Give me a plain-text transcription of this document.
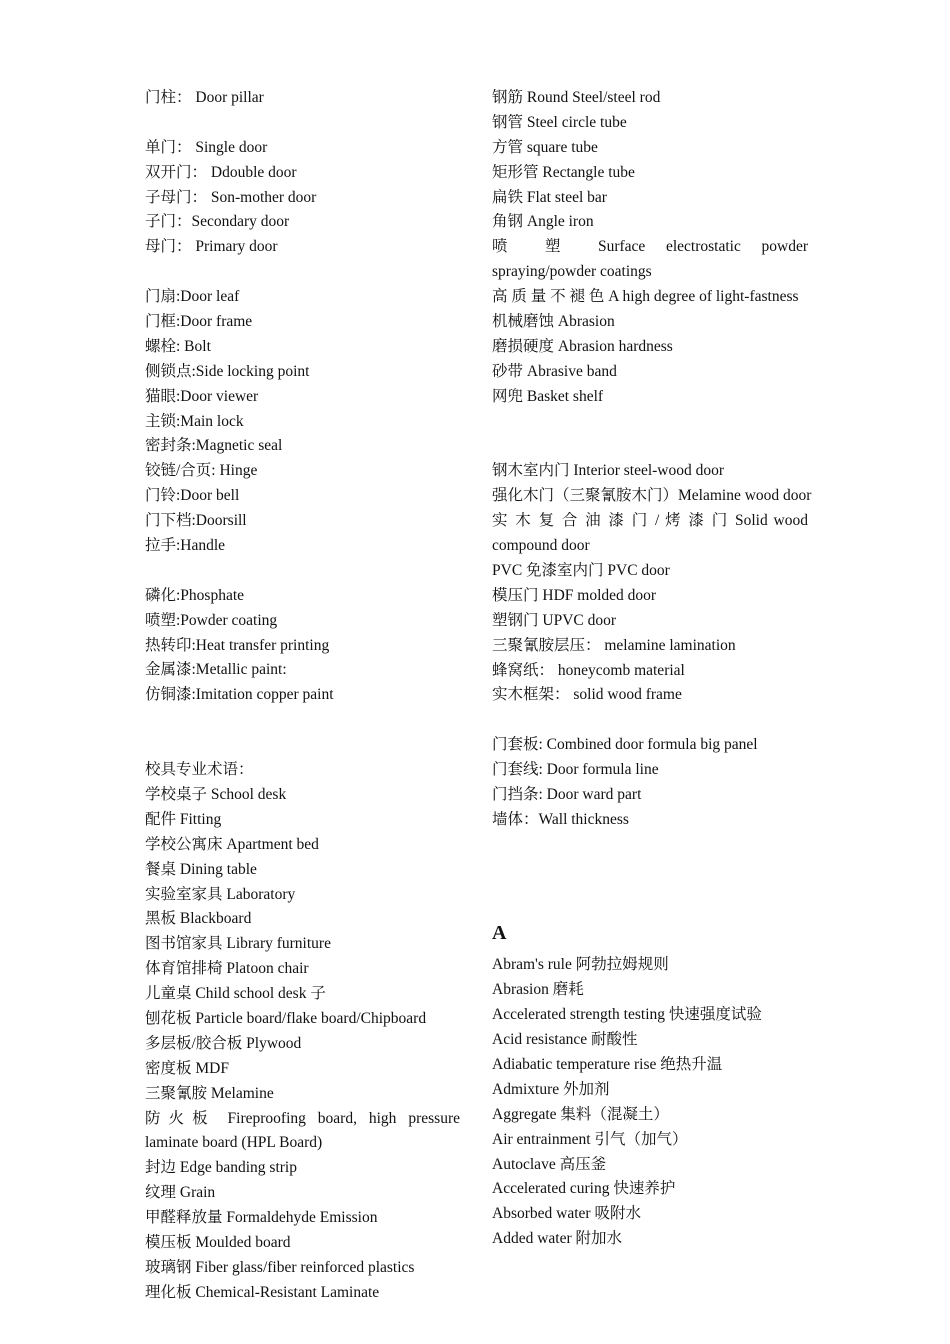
门柱： Door pillar
单门： Single door
双开门： Ddouble door
子母门： Son-mother door
子门：Secondary door
母门： Primary door
门扇:Door leaf
门框:Door frame
螺栓: Bolt
侧锁点:Side locking point
猫眼:Door viewer
主锁:Main lock
密封条:Magnetic seal
铰链/合页: Hinge
门铃:Door bell
门下档:Doorsill
拉手:Handle
磷化:Phosphate
喷塑:Powder coating
热转印:Heat transfer printing
金属漆:Metallic paint:
仿铜漆:Imitation copper paint
校具专业术语：
学校桌子 School desk
配件 Fitting
学校公寓床 Apartment bed
餐桌 Dining table
实验室家具 Laboratory
黑板 Blackboard
图书馆家具 Library furniture
体育馆排椅 Platoon chair
儿童桌 Child school desk 子
刨花板 Particle board/flake board/Chipboard
多层板/胶合板 Plywood
密度板 MDF
三聚氰胺 Melamine
防火板 Fireproofing board, high pressure laminate board (HPL Board)
封边 Edge banding strip
纹理 Grain
甲醛释放量 Formaldehyde Emission
模压板 Moulded board
玻璃钢 Fiber glass/fiber reinforced plastics
理化板 Chemical-Resistant Laminate
钢筋 Round Steel/steel rod
钢管 Steel circle tube
方管 square tube
矩形管 Rectangle tube
扁铁 Flat steel bar
角钢 Angle iron
喷 塑 Surface electrostatic powder spraying/powder coatings
高 质 量 不 褪 色 A high degree of light-fastness
机械磨蚀 Abrasion
磨损硬度 Abrasion hardness
砂带 Abrasive band
网兜 Basket shelf
钢木室内门 Interior steel-wood door
强化木门（三聚氰胺木门）Melamine wood door
实 木 复 合 油 漆 门 / 烤 漆 门 Solid wood compound door
PVC 免漆室内门 PVC door
模压门 HDF molded door
塑钢门 UPVC door
三聚氰胺层压： melamine lamination
蜂窝纸： honeycomb material
实木框架： solid wood frame
门套板: Combined door formula big panel
门套线: Door formula line
门挡条: Door ward part
墙体：Wall thickness
A
Abram's rule 阿勃拉姆规则
Abrasion 磨耗
Accelerated strength testing 快速强度试验
Acid resistance 耐酸性
Adiabatic temperature rise 绝热升温
Admixture 外加剂
Aggregate 集料（混凝土）
Air entrainment 引气（加气）
Autoclave 高压釜
Accelerated curing 快速养护
Absorbed water 吸附水
Added water 附加水
